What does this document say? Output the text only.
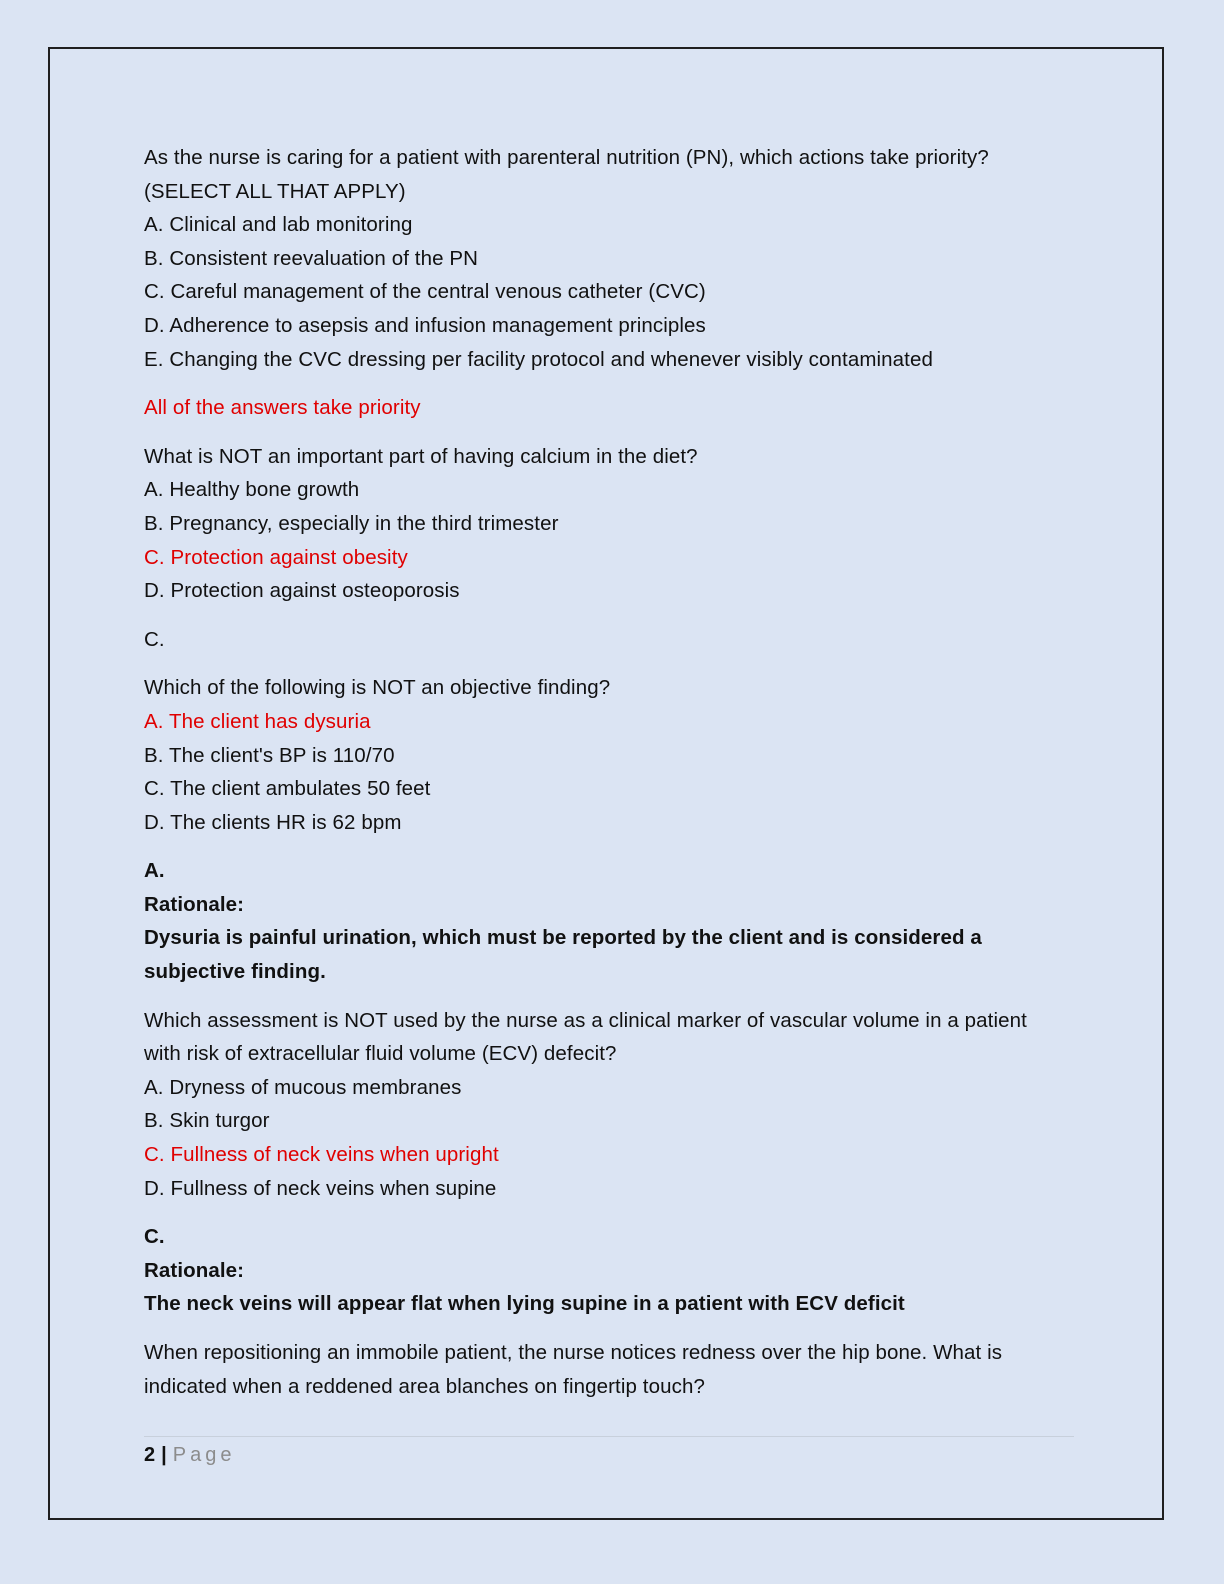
As the nurse is caring for a patient with parenteral nutrition (PN), which actions take priority?
(SELECT ALL THAT APPLY)
A. Clinical and lab monitoring
B. Consistent reevaluation of the PN
C. Careful management of the central venous catheter (CVC)
D. Adherence to asepsis and infusion management principles
E. Changing the CVC dressing per facility protocol and whenever visibly contaminated
All of the answers take priority
What is NOT an important part of having calcium in the diet?
A. Healthy bone growth
B. Pregnancy, especially in the third trimester
C. Protection against obesity
D. Protection against osteoporosis
C.
Which of the following is NOT an objective finding?
A. The client has dysuria
B. The client's BP is 110/70
C. The client ambulates 50 feet
D. The clients HR is 62 bpm
A.
Rationale:
Dysuria is painful urination, which must be reported by the client and is considered a
subjective finding.
Which assessment is NOT used by the nurse as a clinical marker of vascular volume in a patient
with risk of extracellular fluid volume (ECV) defecit?
A. Dryness of mucous membranes
B. Skin turgor
C. Fullness of neck veins when upright
D. Fullness of neck veins when supine
C.
Rationale:
The neck veins will appear flat when lying supine in a patient with ECV deficit
When repositioning an immobile patient, the nurse notices redness over the hip bone. What is
indicated when a reddened area blanches on fingertip touch?
2 | Page
